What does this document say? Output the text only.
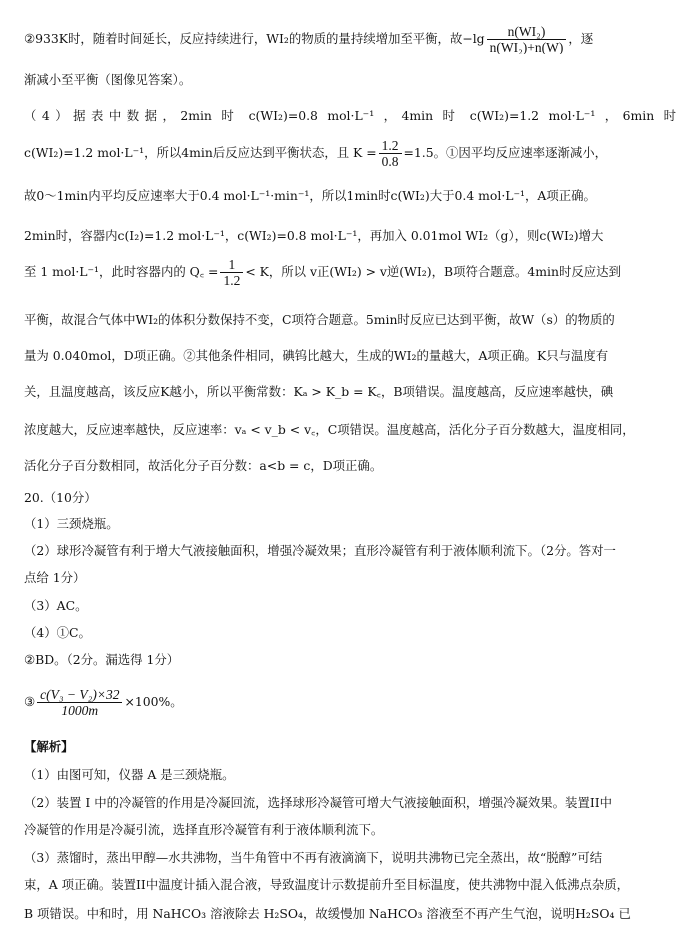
②933K时，随着时间延长，反应持续进行，WI₂的物质的量持续增加至平衡，故$-\lg \frac{\text{n(WI₂)}}{\text{n(WI₂)+n(W)}}$ ，逐
渐减小至平衡（图像见答案）。
（4）据表中数据，2min 时 c(WI₂)=0.8 mol·L⁻¹ ，4min 时 c(WI₂)=1.2 mol·L⁻¹ ，6min 时
c(WI₂)=1.2 mol·L⁻¹，所以4min后反应达到平衡状态，且 $K = \frac{1.2}{0.8} =1.5$。①因平均反应速率逐渐减小，
故0～1min内平均反应速率大于0.4 mol·L⁻¹·min⁻¹，所以1min时c(WI₂)大于0.4 mol·L⁻¹，A项正确。
2min时，容器内c(I₂)=1.2 mol·L⁻¹，c(WI₂)=0.8 mol·L⁻¹，再加入 0.01mol WI₂（g），则c(WI₂)增大
至 1 mol·L⁻¹，此时容器内的 Q꜀ = $\frac{1}{1.2} < K$，所以 v正(WI₂) > v逆(WI₂)，B项符合题意。4min时反应达到
平衡，故混合气体中WI₂的体积分数保持不变，C项符合题意。5min时反应已达到平衡，故W（s）的物质的
量为 0.040mol，D项正确。②其他条件相同，碘钨比越大，生成的WI₂的量越大，A项正确。K只与温度有
关，且温度越高，该反应K越小，所以平衡常数：Kₐ > K_b = K꜀，B项错误。温度越高，反应速率越快，碘
浓度越大，反应速率越快，反应速率：vₐ < v_b < v꜀，C项错误。温度越高，活化分子百分数越大，温度相同，
活化分子百分数相同，故活化分子百分数：a<b = c，D项正确。
20.（10分）
（1）三颈烧瓶。
（2）球形冷凝管有利于增大气液接触面积，增强冷凝效果；直形冷凝管有利于液体顺利流下。（2分。答对一
点给 1分）
（3）AC。
（4）①C。
②BD。（2分。漏选得 1分）
③ $\frac{\text{c(V₃ − V₂)×32}}{1000m} \times 100\%$。
【解析】
（1）由图可知，仪器 A 是三颈烧瓶。
（2）装置 I 中的冷凝管的作用是冷凝回流，选择球形冷凝管可增大气液接触面积，增强冷凝效果。装置II中
冷凝管的作用是冷凝引流，选择直形冷凝管有利于液体顺利流下。
（3）蒸馏时，蒸出甲醇—水共沸物，当牛角管中不再有液滴滴下，说明共沸物已完全蒸出，故“脱醇”可结
束，A 项正确。装置II中温度计插入混合液，导致温度计示数提前升至目标温度，使共沸物中混入低沸点杂质，
B 项错误。中和时，用 NaHCO₃ 溶液除去 H₂SO₄，故缓慢加 NaHCO₃ 溶液至不再产生气泡，说明H₂SO₄ 已
